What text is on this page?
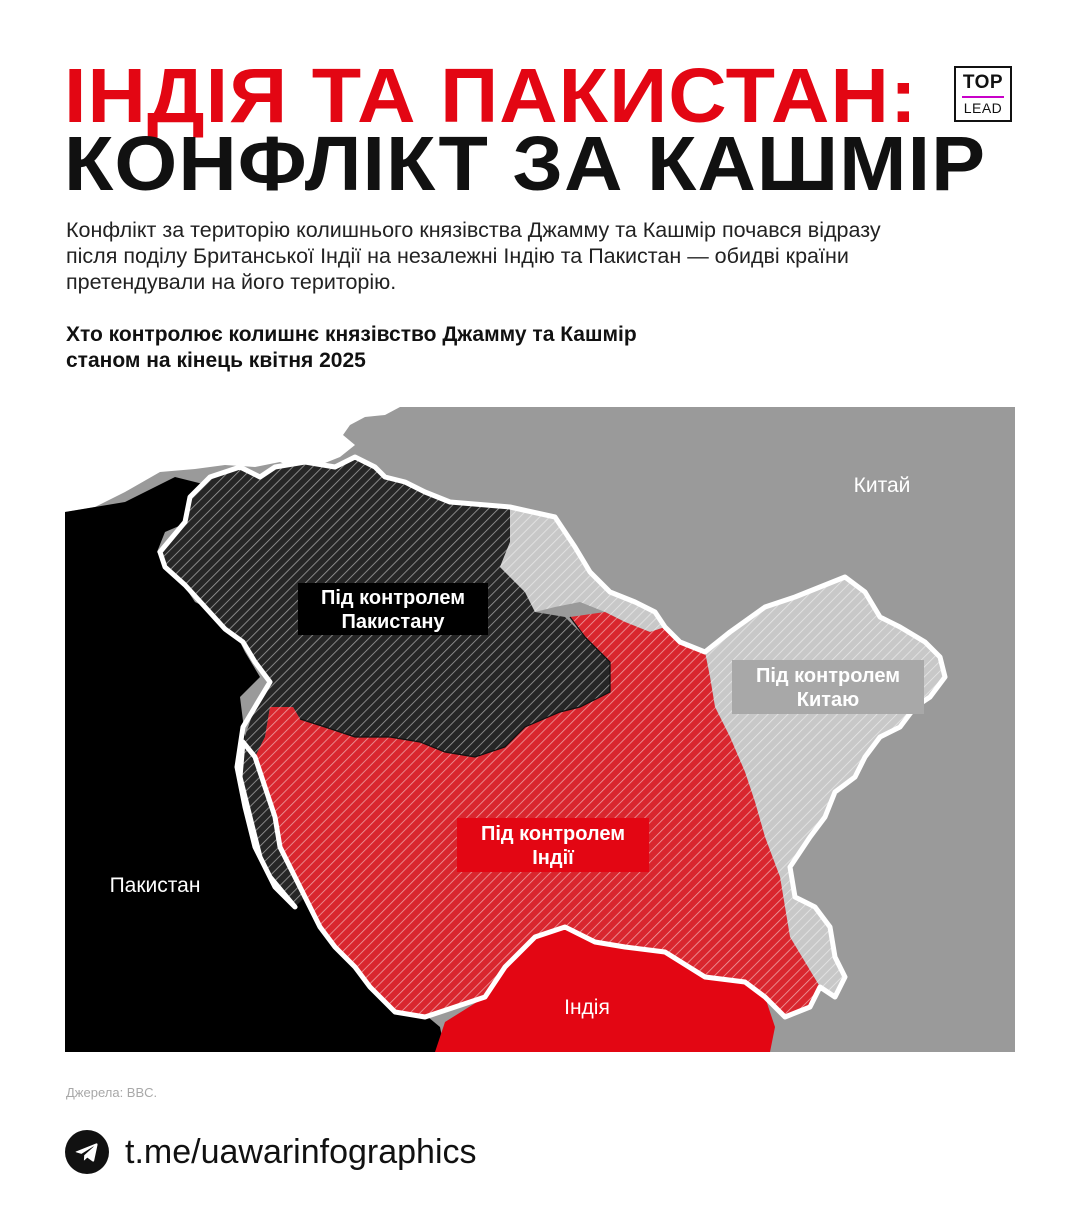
ІНДІЯ ТА ПАКИСТАН:
КОНФЛІКТ ЗА КАШМІР
TOP
LEAD
Конфлікт за територію колишнього князівства Джамму та Кашмір почався відразу після поділу Британської Індії на незалежні Індію та Пакистан — обидві країни претендували на його територію.
Хто контролює колишнє князівство Джамму та Кашмір
станом на кінець квітня 2025
Китай
Пакистан
Індія
Під контролем
Пакистану
Під контролем
Китаю
Під контролем
Індії
Джерела: BBC.
t.me/uawarinfographics
